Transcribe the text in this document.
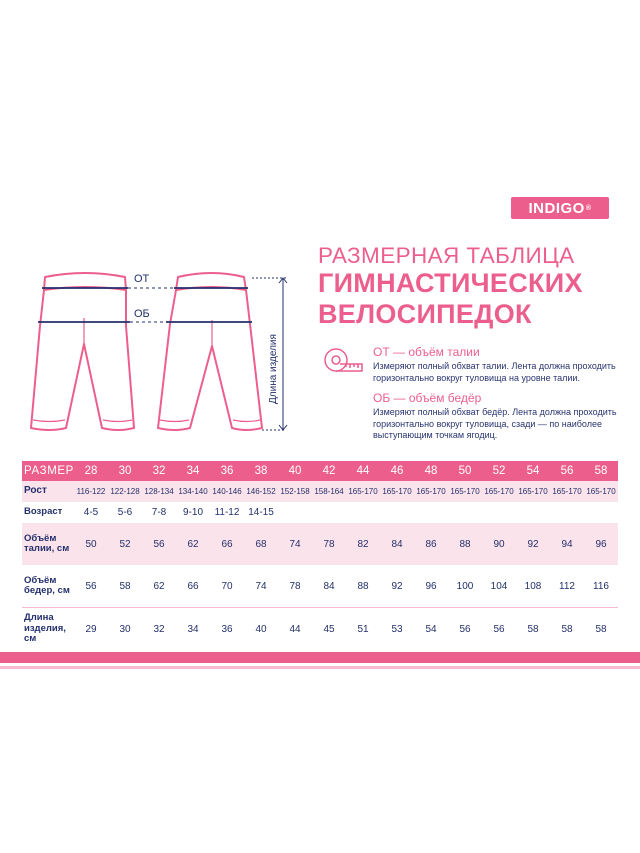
INDIGO ®
РАЗМЕРНАЯ ТАБЛИЦА
ГИМНАСТИЧЕСКИХ
ВЕЛОСИПЕДОК
ОТ
ОБ
Длина изделия	ОТ — объём талии
Измеряют полный обхват талии. Лента должна проходить горизонтально вокруг туловища на уровне талии.
ОБ — объём бедёр
Измеряют полный обхват бедёр. Лента должна проходить горизонтально вокруг туловища, сзади — по наиболее выступающим точкам ягодиц.
РАЗМЕР	28	30	32	34	36	38	40	42	44	46	48	50	52	54	56	58
Рост	116-122	122-128	128-134	134-140	140-146	146-152	152-158	158-164	165-170	165-170	165-170	165-170	165-170	165-170	165-170	165-170
Возраст	4-5	5-6	7-8	9-10	11-12	14-15										
Объём талии, см	50	52	56	62	66	68	74	78	82	84	86	88	90	92	94	96
Объём бедер, см	56	58	62	66	70	74	78	84	88	92	96	100	104	108	112	116
Длина изделия, см	29	30	32	34	36	40	44	45	51	53	54	56	56	58	58	58
